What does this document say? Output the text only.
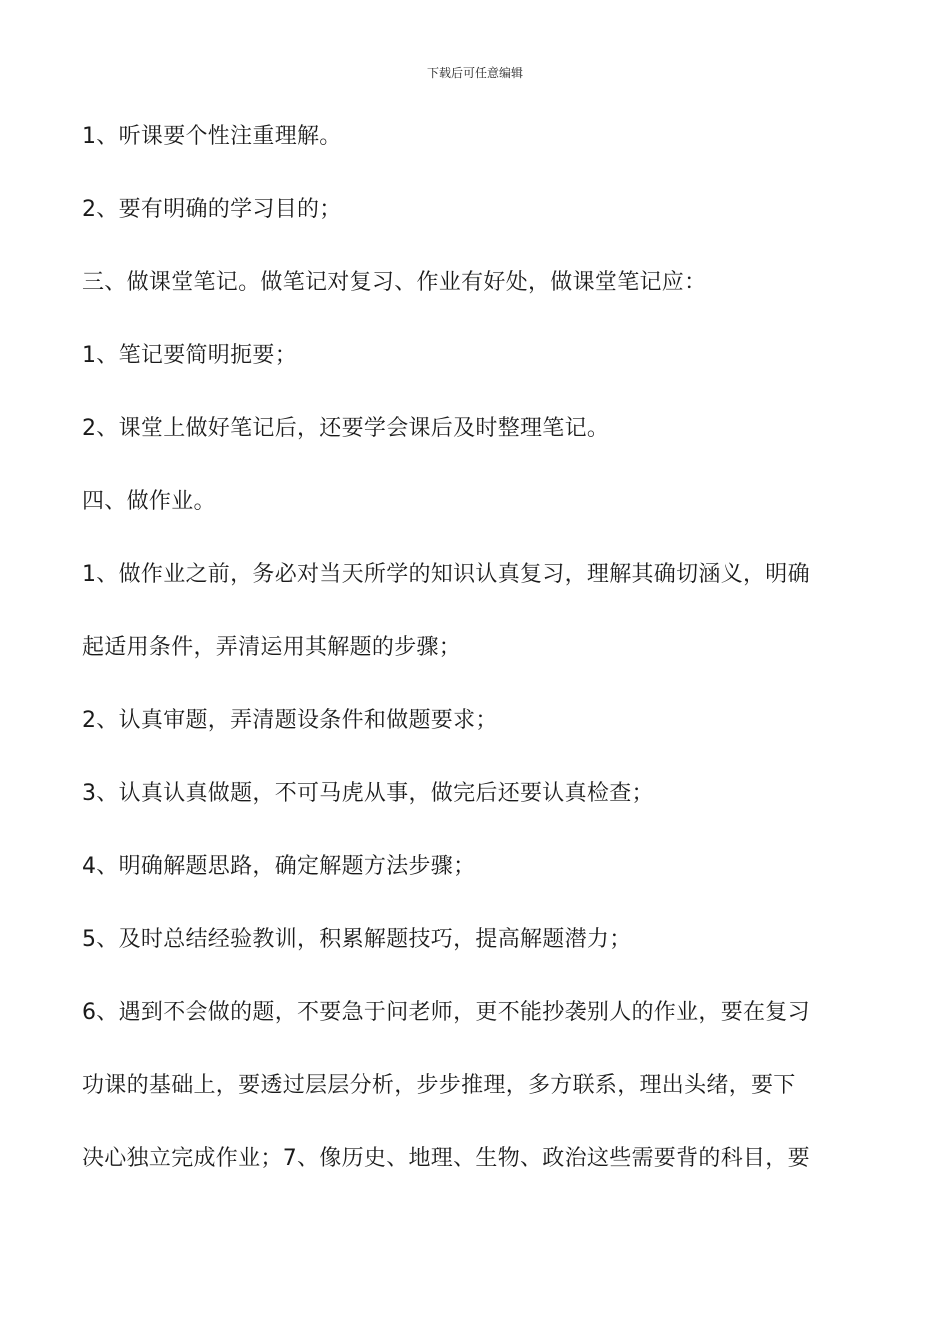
下载后可任意编辑
1、听课要个性注重理解。
2、要有明确的学习目的；
三、做课堂笔记。做笔记对复习、作业有好处，做课堂笔记应：
1、笔记要简明扼要；
2、课堂上做好笔记后，还要学会课后及时整理笔记。
四、做作业。
1、做作业之前，务必对当天所学的知识认真复习，理解其确切涵义，明确
起适用条件，弄清运用其解题的步骤；
2、认真审题，弄清题设条件和做题要求；
3、认真认真做题，不可马虎从事，做完后还要认真检查；
4、明确解题思路，确定解题方法步骤；
5、及时总结经验教训，积累解题技巧，提高解题潜力；
6、遇到不会做的题，不要急于问老师，更不能抄袭别人的作业，要在复习
功课的基础上，要透过层层分析，步步推理，多方联系，理出头绪，要下
决心独立完成作业；7、像历史、地理、生物、政治这些需要背的科目，要
